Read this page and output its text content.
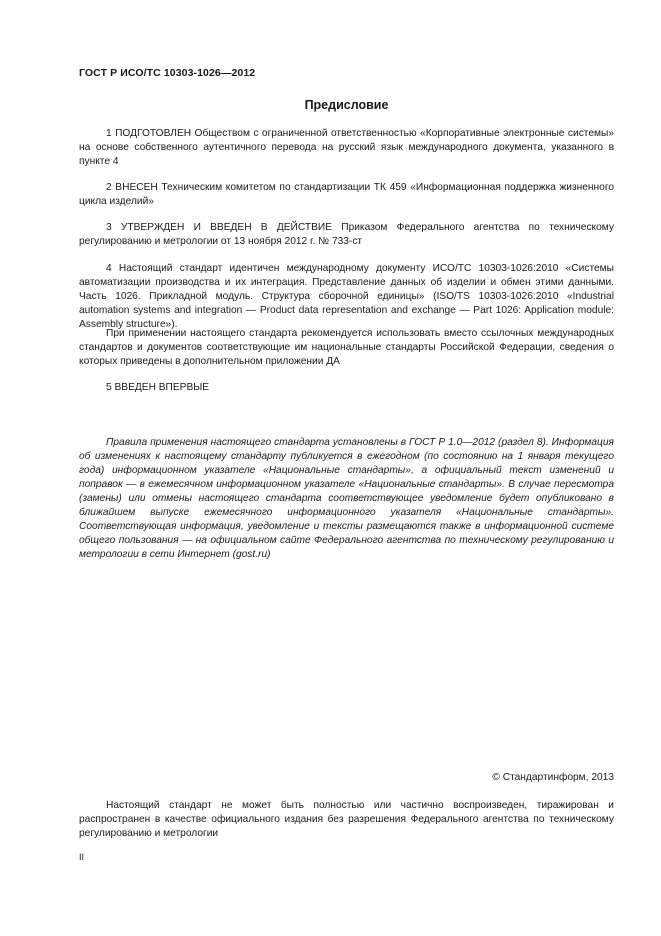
ГОСТ Р ИСО/ТС 10303-1026—2012
Предисловие

1 ПОДГОТОВЛЕН Обществом с ограниченной ответственностью «Корпоративные электронные системы» на основе собственного аутентичного перевода на русский язык международного документа, указанного в пункте 4

2 ВНЕСЕН Техническим комитетом по стандартизации ТК 459 «Информационная поддержка жизненного цикла изделий»

3 УТВЕРЖДЕН И ВВЕДЕН В ДЕЙСТВИЕ Приказом Федерального агентства по техническому регулированию и метрологии от 13 ноября 2012 г. № 733-ст

4 Настоящий стандарт идентичен международному документу ИСО/ТС 10303-1026:2010 «Системы автоматизации производства и их интеграция. Представление данных об изделии и обмен этими данными. Часть 1026. Прикладной модуль. Структура сборочной единицы» (ISO/TS 10303-1026:2010 «Industrial automation systems and integration — Product data representation and exchange — Part 1026: Application module: Assembly structure»).

При применении настоящего стандарта рекомендуется использовать вместо ссылочных международных стандартов и документов соответствующие им национальные стандарты Российской Федерации, сведения о которых приведены в дополнительном приложении ДА

5 ВВЕДЕН ВПЕРВЫЕ

Правила применения настоящего стандарта установлены в ГОСТ Р 1.0—2012 (раздел 8). Информация об изменениях к настоящему стандарту публикуется в ежегодном (по состоянию на 1 января текущего года) информационном указателе «Национальные стандарты», а официальный текст изменений и поправок — в ежемесячном информационном указателе «Национальные стандарты». В случае пересмотра (замены) или отмены настоящего стандарта соответствующее уведомление будет опубликовано в ближайшем выпуске ежемесячного информационного указателя «Национальные стандарты». Соответствующая информация, уведомление и тексты размещаются также в информационной системе общего пользования — на официальном сайте Федерального агентства по техническому регулированию и метрологии в сети Интернет (gost.ru)

© Стандартинформ, 2013

Настоящий стандарт не может быть полностью или частично воспроизведен, тиражирован и распространен в качестве официального издания без разрешения Федерального агентства по техническому регулированию и метрологии

II
